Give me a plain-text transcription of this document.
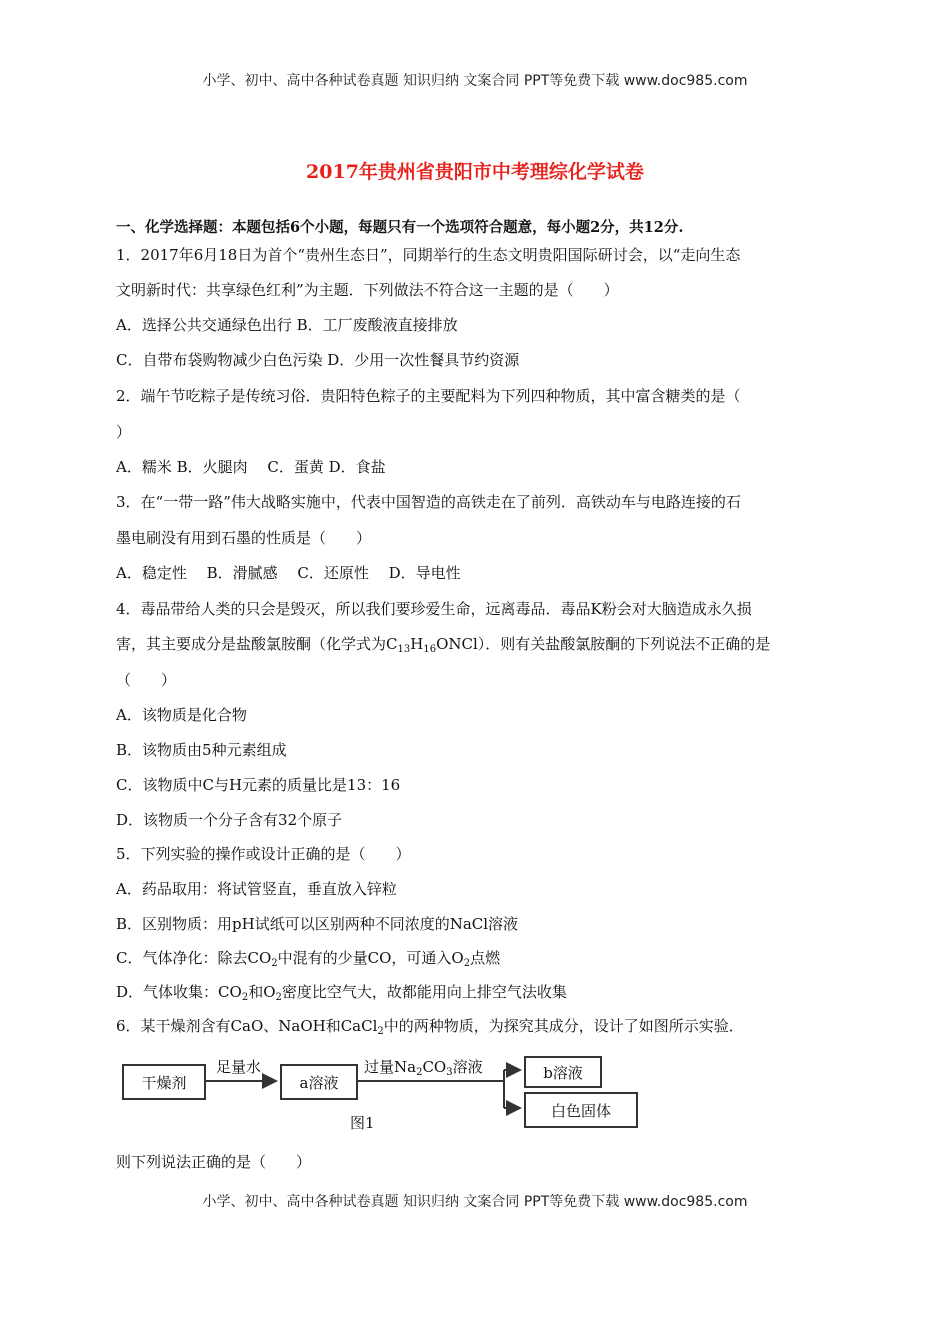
小学、初中、高中各种试卷真题 知识归纳 文案合同 PPT等免费下载 www.doc985.com
2017年贵州省贵阳市中考理综化学试卷
一、化学选择题：本题包括6个小题，每题只有一个选项符合题意，每小题2分，共12分.
1．2017年6月18日为首个“贵州生态日”，同期举行的生态文明贵阳国际研讨会，以“走向生态
文明新时代：共享绿色红利”为主题．下列做法不符合这一主题的是（　　）
A．选择公共交通绿色出行 B．工厂废酸液直接排放
C．自带布袋购物减少白色污染 D．少用一次性餐具节约资源
2．端午节吃粽子是传统习俗．贵阳特色粽子的主要配料为下列四种物质，其中富含糖类的是（
）
A．糯米 B．火腿肉　 C．蛋黄 D．食盐
3．在“一带一路”伟大战略实施中，代表中国智造的高铁走在了前列．高铁动车与电路连接的石
墨电刷没有用到石墨的性质是（　　）
A．稳定性　 B．滑腻感　 C．还原性　 D．导电性
4．毒品带给人类的只会是毁灭，所以我们要珍爱生命，远离毒品．毒品K粉会对大脑造成永久损
害，其主要成分是盐酸氯胺酮（化学式为$C_{13}H_{16}ONCl$）．则有关盐酸氯胺酮的下列说法不正确的是
（　　）
A．该物质是化合物
B．该物质由5种元素组成
C．该物质中C与H元素的质量比是13：16
D．该物质一个分子含有32个原子
5．下列实验的操作或设计正确的是（　　）
A．药品取用：将试管竖直，垂直放入锌粒
B．区别物质：用pH试纸可以区别两种不同浓度的NaCl溶液
C．气体净化：除去$CO_2$中混有的少量CO，可通入$O_2$点燃
D．气体收集：$CO_2$和$O_2$密度比空气大，故都能用向上排空气法收集
6．某干燥剂含有CaO、NaOH和CaCl$_2$中的两种物质，为探究其成分，设计了如图所示实验．
干燥剂
足量水
a溶液
过量$Na_2CO_3$溶液	b溶液
白色固体
图1
则下列说法正确的是（　　）
小学、初中、高中各种试卷真题 知识归纳 文案合同 PPT等免费下载 www.doc985.com
